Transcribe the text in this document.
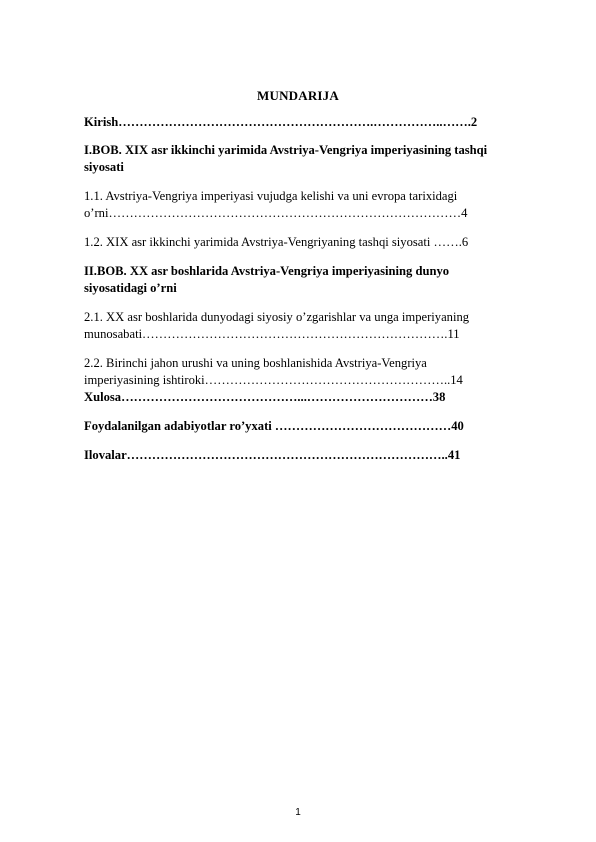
MUNDARIJA
Kirish…………………………………………………….……………..…….2
I.BOB. XIX asr ikkinchi yarimida Avstriya-Vengriya imperiyasining tashqi
siyosati
1.1. Avstriya-Vengriya imperiyasi vujudga kelishi va uni evropa tarixidagi
o’rni…………………………………………………………………………4
1.2. XIX asr ikkinchi yarimida Avstriya-Vengriyaning tashqi siyosati …….6
II.BOB. XX asr boshlarida Avstriya-Vengriya imperiyasining dunyo
siyosatidagi o’rni
2.1. XX asr boshlarida dunyodagi siyosiy o’zgarishlar va unga imperiyaning
munosabati……………………………………………………………….11
2.2. Birinchi jahon urushi va uning boshlanishida Avstriya-Vengriya
imperiyasining ishtiroki…………………………………………………..14
Xulosa……………………………………...…………………………38
Foydalanilgan adabiyotlar ro’yxati ……………………………………40
Ilovalar…………………………………………………………………..41
1
